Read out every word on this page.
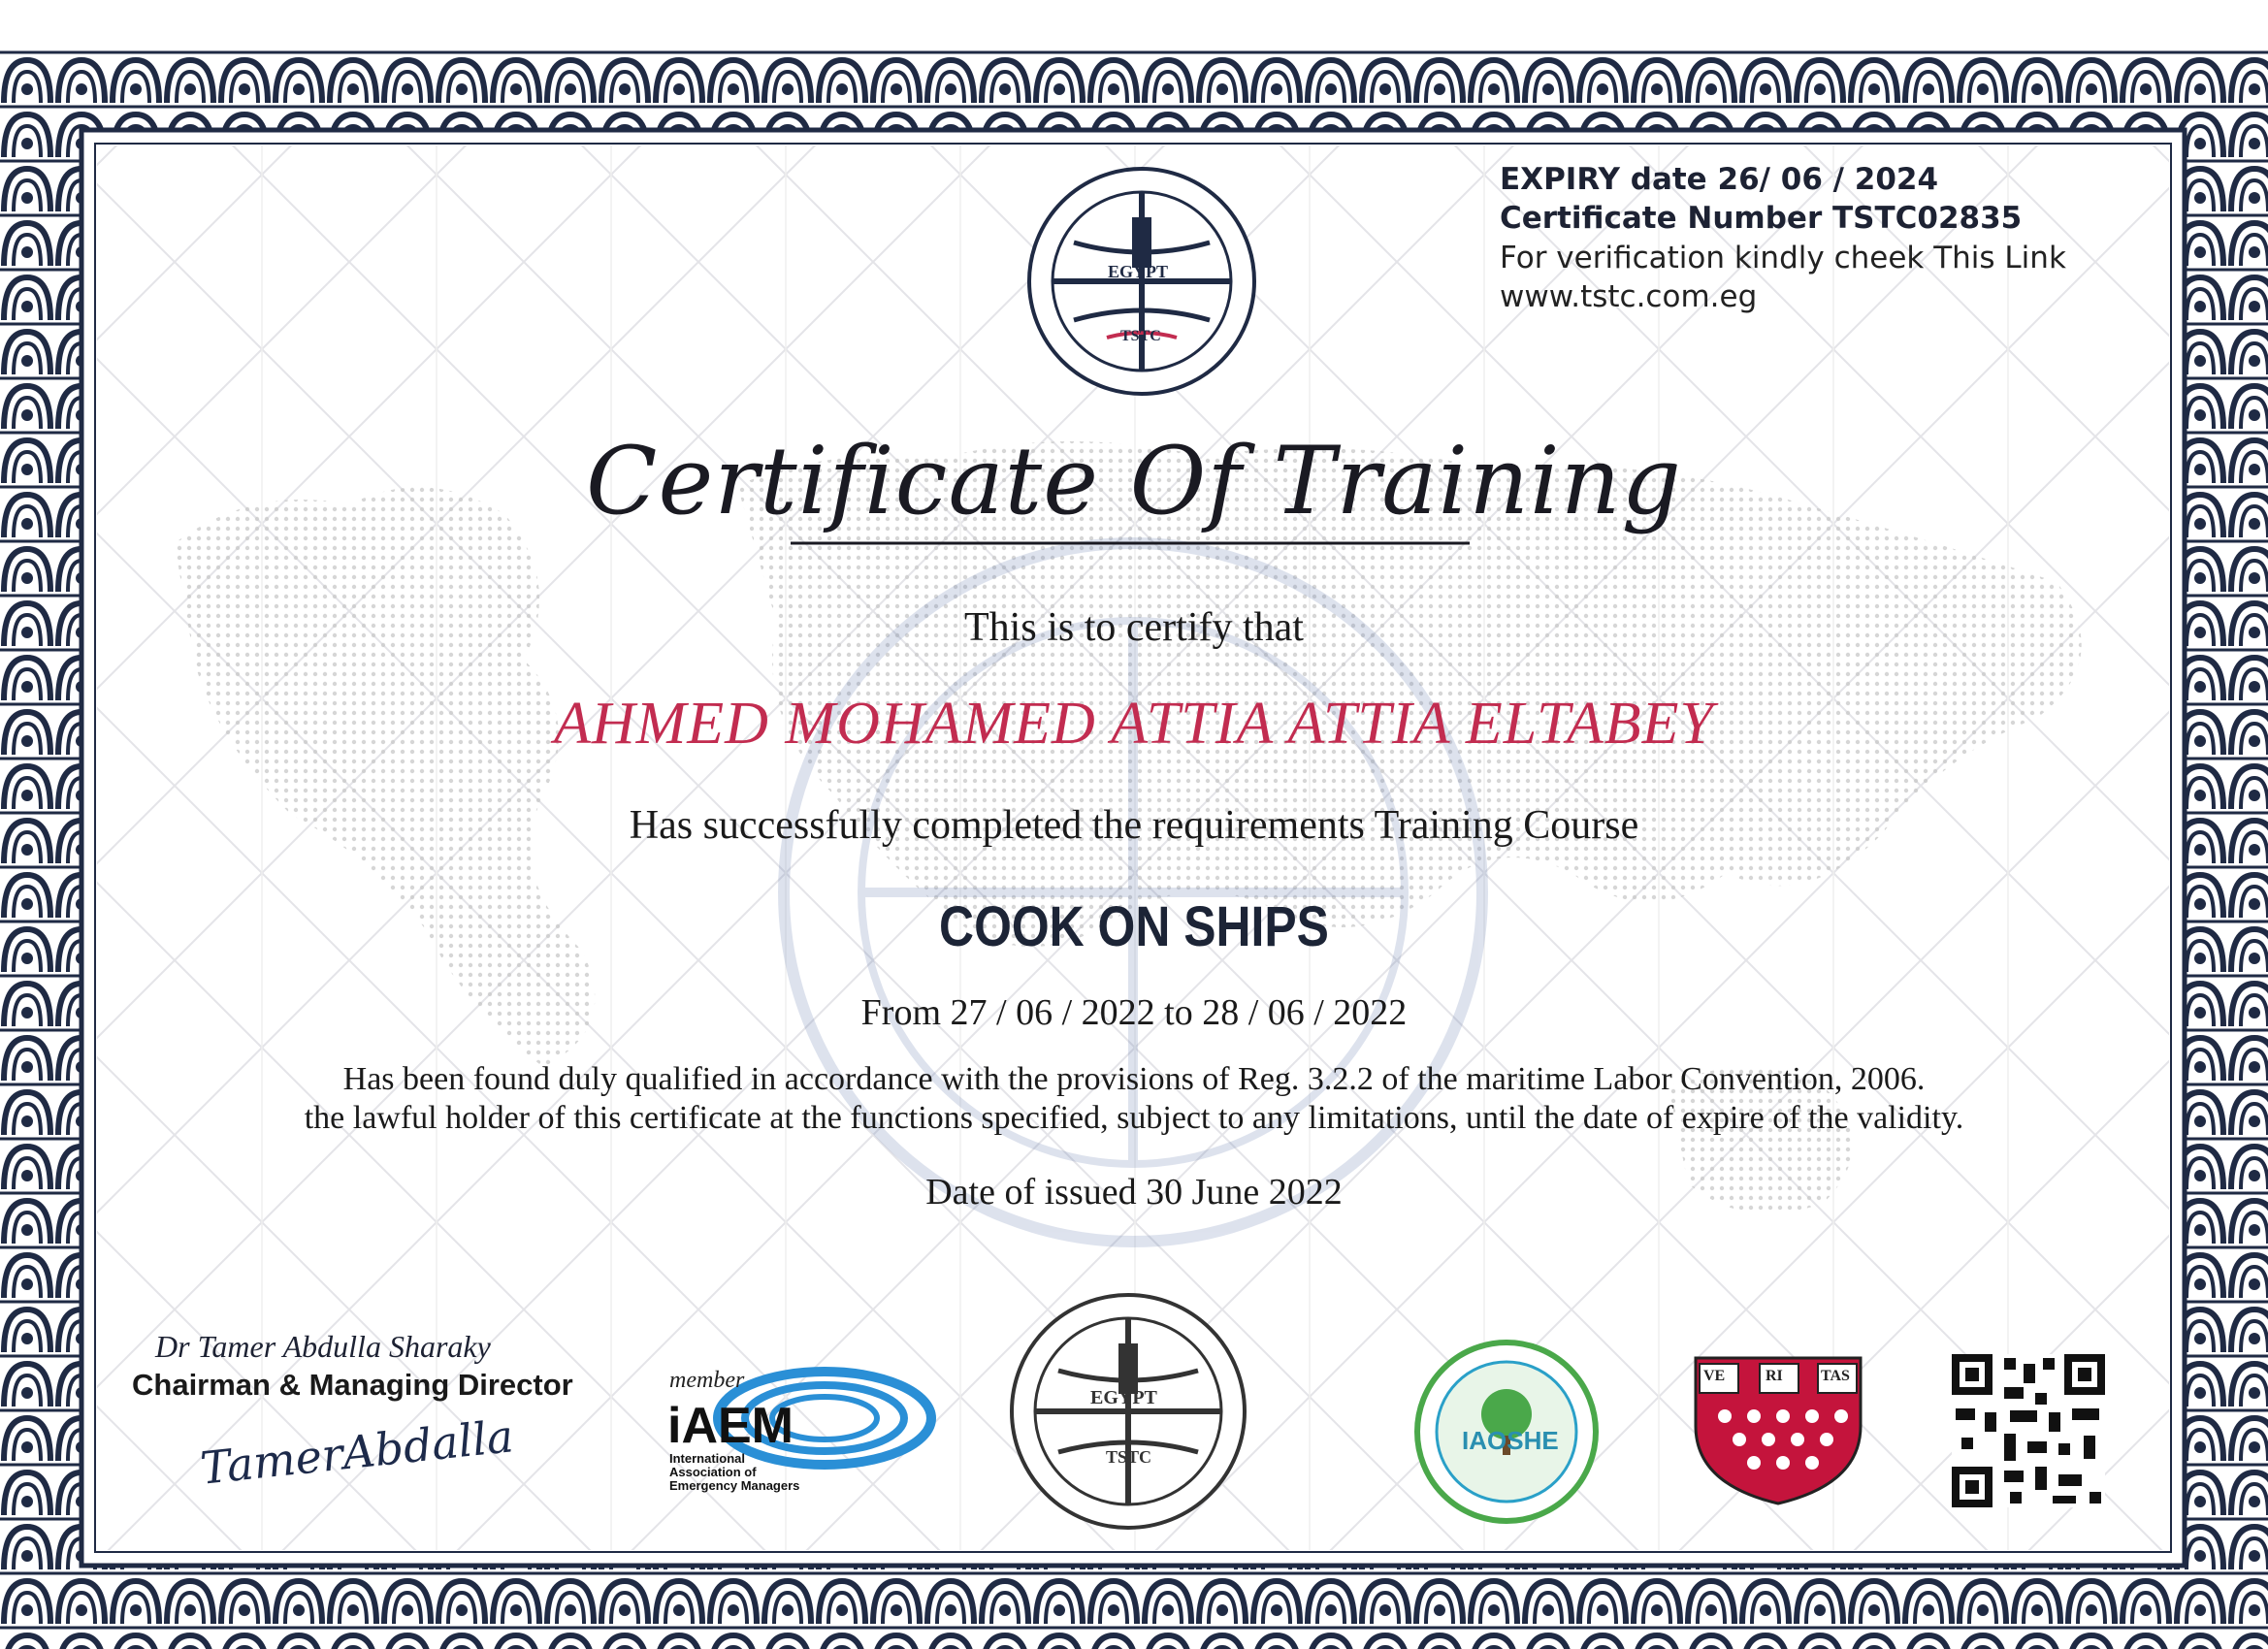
EXPIRY date 26/ 06 / 2024
Certificate Number TSTC02835
For verification kindly cheek This Link
www.tstc.com.eg
EGYPT
TSTC
Certificate Of Training
This is to certify that
AHMED MOHAMED ATTIA ATTIA ELTABEY
Has successfully completed the requirements Training Course
COOK ON SHIPS
From 27 / 06 / 2022 to 28 / 06 / 2022
Has been found duly qualified in accordance with the provisions of Reg. 3.2.2 of the maritime Labor Convention, 2006.
the lawful holder of this certificate at the functions specified, subject to any limitations, until the date of expire of the validity.
Date of issued 30 June 2022
Dr Tamer Abdulla Sharaky
Chairman & Managing Director
TamerAbdalla
member
iAEM
International
Association of
Emergency Managers
EGYPT
TSTC
IAOSHE
VE	RI TAS
